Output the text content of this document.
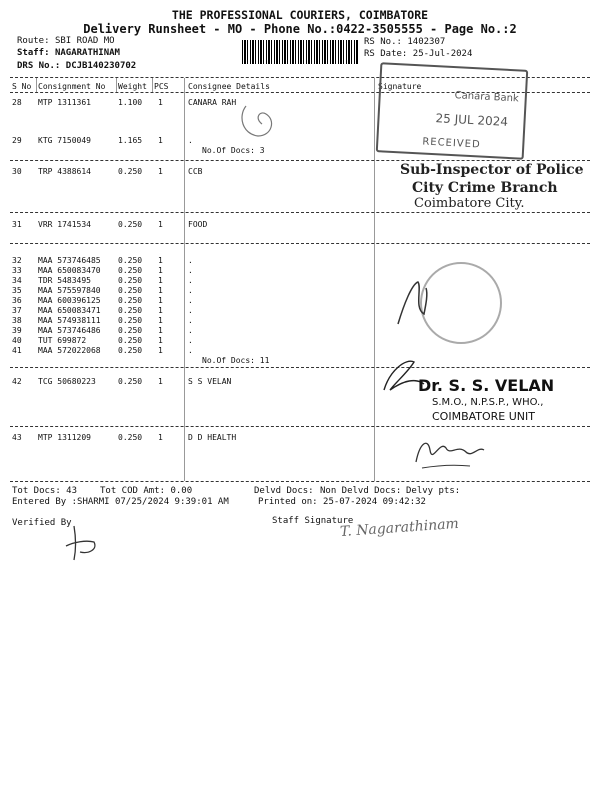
THE PROFESSIONAL COURIERS, COIMBATORE
Delivery Runsheet - MO - Phone No.:0422-3505555 - Page No.:2
Route: SBI ROAD MO
Staff: NAGARATHINAM
DRS No.: DCJB140230702
RS No.: 1402307
RS Date: 25-Jul-2024
S No Consignment No Weight PCS Consignee Details	Signature
28 MTP 1311361	1.100 1	CANARA RAH
29 KTG 7150049	1.165 1	.
30 TRP 4388614	0.250 1	CCB
31 VRR 1741534	0.250 1	FOOD
32 MAA 573746485 0.250 1	.
33 MAA 650083470 0.250 1	.
34 TDR 5483495	0.250 1	.
35 MAA 575597840 0.250 1	.
36 MAA 600396125 0.250 1	.
37 MAA 650083471 0.250 1	.
38 MAA 574938111 0.250 1	.
39 MAA 573746486 0.250 1	.
40 TUT 699872	0.250 1	.
41 MAA 572022068 0.250 1	.
42 TCG 50680223	0.250 1	S S VELAN
43 MTP 1311209	0.250 1	D D HEALTH
No.Of Docs: 3
No.Of Docs: 11
Canara Bank
25 JUL 2024
RECEIVED
Sub-Inspector of Police
City Crime Branch
Coimbatore City.
Dr. S. S. VELAN
S.M.O., N.P.S.P., WHO.,
COIMBATORE UNIT
Tot Docs: 43	Tot COD Amt: 0.00	Delvd Docs: Non Delvd Docs: Delvy pts:
Entered By :SHARMI 07/25/2024 9:39:01 AM	Printed on: 25-07-2024 09:42:32
Verified By	Staff Signature
T. Nagarathinam
